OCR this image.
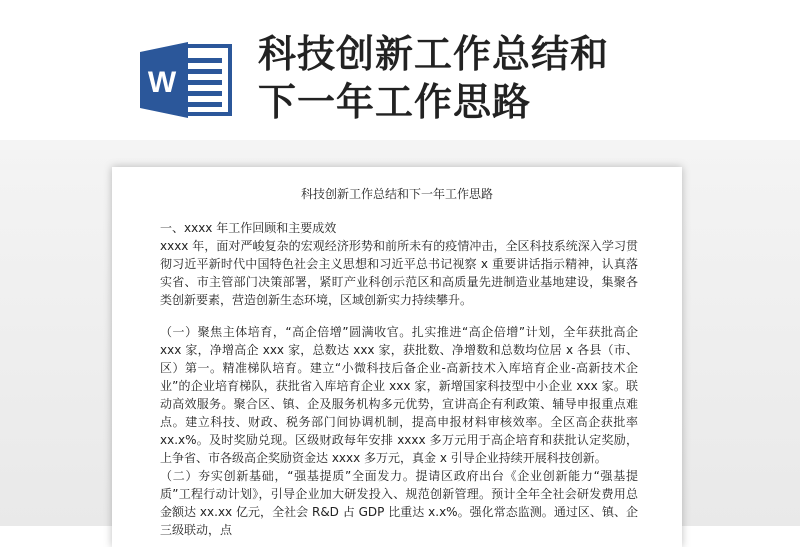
W
科技创新工作总结和
下一年工作思路
科技创新工作总结和下一年工作思路

一、xxxx 年工作回顾和主要成效

xxxx 年，面对严峻复杂的宏观经济形势和前所未有的疫情冲击，全区科技系统深入学习贯彻习近平新时代中国特色社会主义思想和习近平总书记视察 x 重要讲话指示精神，认真落实省、市主管部门决策部署，紧盯产业科创示范区和高质量先进制造业基地建设，集聚各类创新要素，营造创新生态环境，区域创新实力持续攀升。

（一）聚焦主体培育，“高企倍增”圆满收官。扎实推进“高企倍增”计划，全年获批高企 xxx 家，净增高企 xxx 家，总数达 xxx 家，获批数、净增数和总数均位居 x 各县（市、区）第一。精准梯队培育。建立“小微科技后备企业-高新技术入库培育企业-高新技术企业”的企业培育梯队，获批省入库培育企业 xxx 家，新增国家科技型中小企业 xxx 家。联动高效服务。聚合区、镇、企及服务机构多元优势，宣讲高企有利政策、辅导申报重点难点。建立科技、财政、税务部门间协调机制，提高申报材料审核效率。全区高企获批率 xx.x%。及时奖励兑现。区级财政每年安排 xxxx 多万元用于高企培育和获批认定奖励，上争省、市各级高企奖励资金达 xxxx 多万元，真金 x 引导企业持续开展科技创新。

（二）夯实创新基础，“强基提质”全面发力。提请区政府出台《企业创新能力“强基提质”工程行动计划》，引导企业加大研发投入、规范创新管理。预计全年全社会研发费用总金额达 xx.xx 亿元，全社会 R&D 占 GDP 比重达 x.x%。强化常态监测。通过区、镇、企三级联动，点
